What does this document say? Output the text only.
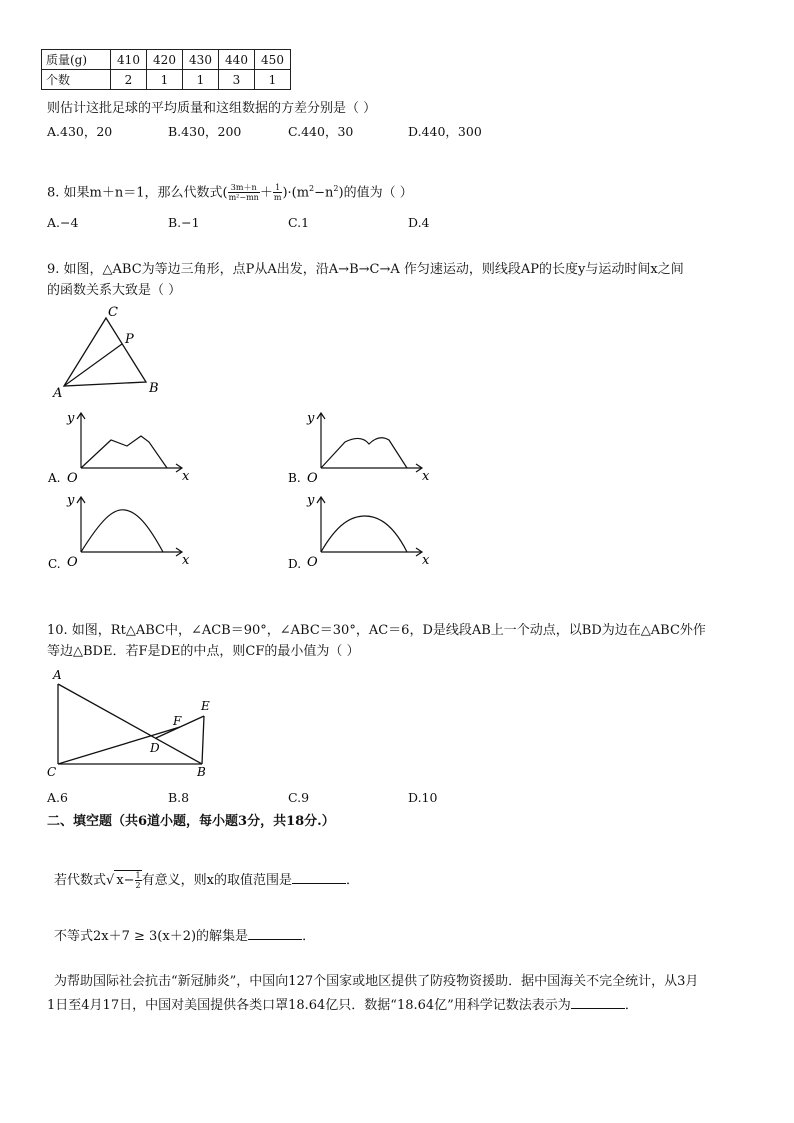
质量(g)	410	420	430	440	450
个数	2	1	1	3	1
则估计这批足球的平均质量和这组数据的方差分别是（ ）
A.430，20	B.430，200	C.440，30	D.440，300
8. 如果m＋n＝1，那么代数式( $\frac{3m+n}{\text{m²−mn}} + \frac{1}{m} )\cdot(m^2-n^2)$的值为（ ）
A.−4	B.−1	C.1	D.4
9. 如图，△ABC为等边三角形，点P从A出发，沿A→B→C→A 作匀速运动，则线段AP的长度y与运动时间x之间
的函数关系大致是（ ）
A	B
C
P
A. O
y
x	B. O
y
x
C. O
y
x	D. O
y
x
10. 如图，Rt△ABC中，∠ACB＝90°，∠ABC＝30°，AC＝6，D是线段AB上一个动点，以BD为边在△ABC外作
等边△BDE．若F是DE的中点，则CF的最小值为（ ）
A
C	B
E
F
D
A.6	B.8	C.9	D.10
二、填空题（共6道小题，每小题3分，共18分.）
若代数式√ $x- \frac{1}{2}$ 有意义，则x的取值范围是	．
不等式2x＋7 ≥ 3(x＋2)的解集是	．
为帮助国际社会抗击“新冠肺炎”，中国向127个国家或地区提供了防疫物资援助．据中国海关不完全统计，从3月
1日至4月17日，中国对美国提供各类口罩18.64亿只．数据“18.64亿”用科学记数法表示为	．
